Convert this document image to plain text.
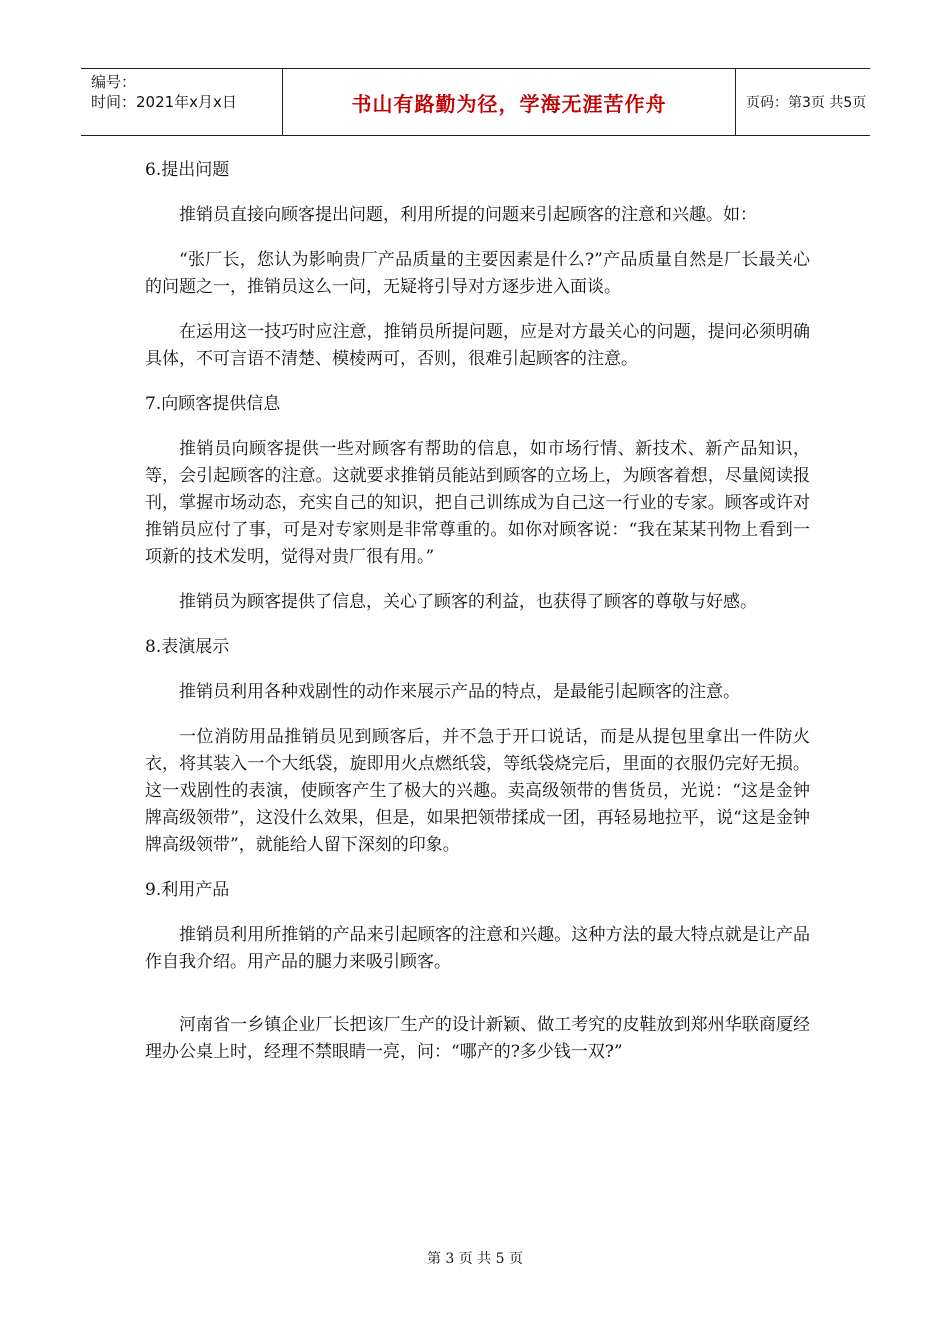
编号：
时间：2021年x月x日	书山有路勤为径，学海无涯苦作舟	页码：第3页 共5页
6.提出问题

推销员直接向顾客提出问题，利用所提的问题来引起顾客的注意和兴趣。如：

“张厂长，您认为影响贵厂产品质量的主要因素是什么?”产品质量自然是厂长最关心的问题之一，推销员这么一问，无疑将引导对方逐步进入面谈。

在运用这一技巧时应注意，推销员所提问题，应是对方最关心的问题，提问必须明确具体，不可言语不清楚、模棱两可，否则，很难引起顾客的注意。

7.向顾客提供信息

推销员向顾客提供一些对顾客有帮助的信息，如市场行情、新技术、新产品知识，等，会引起顾客的注意。这就要求推销员能站到顾客的立场上，为顾客着想，尽量阅读报刊，掌握市场动态，充实自己的知识，把自己训练成为自己这一行业的专家。顾客或许对推销员应付了事，可是对专家则是非常尊重的。如你对顾客说：“我在某某刊物上看到一项新的技术发明，觉得对贵厂很有用。”

推销员为顾客提供了信息，关心了顾客的利益，也获得了顾客的尊敬与好感。

8.表演展示

推销员利用各种戏剧性的动作来展示产品的特点，是最能引起顾客的注意。

一位消防用品推销员见到顾客后，并不急于开口说话，而是从提包里拿出一件防火衣，将其装入一个大纸袋，旋即用火点燃纸袋，等纸袋烧完后，里面的衣服仍完好无损。这一戏剧性的表演，使顾客产生了极大的兴趣。卖高级领带的售货员，光说：“这是金钟牌高级领带”，这没什么效果，但是，如果把领带揉成一团，再轻易地拉平，说“这是金钟牌高级领带”，就能给人留下深刻的印象。

9.利用产品

推销员利用所推销的产品来引起顾客的注意和兴趣。这种方法的最大特点就是让产品作自我介绍。用产品的腿力来吸引顾客。

河南省一乡镇企业厂长把该厂生产的设计新颖、做工考究的皮鞋放到郑州华联商厦经理办公桌上时，经理不禁眼睛一亮，问：“哪产的?多少钱一双?”

第 3 页 共 5 页
